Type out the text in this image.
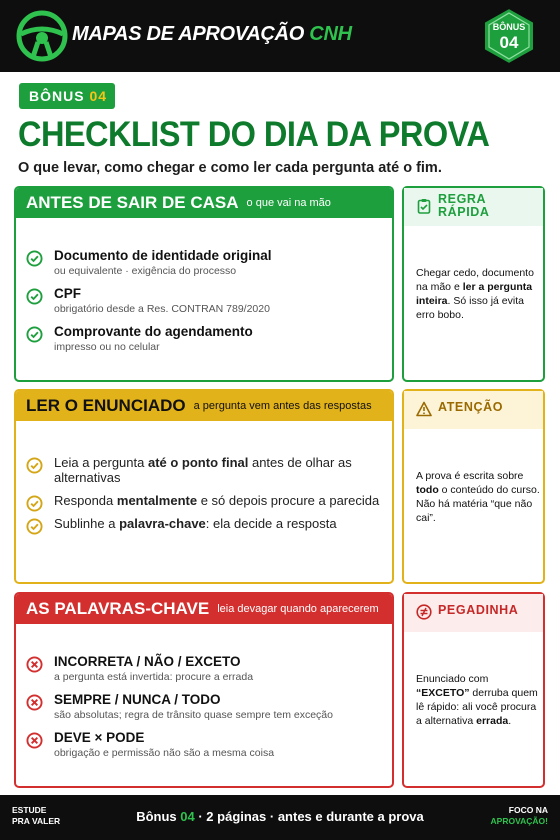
MAPAS DE APROVAÇÃO CNH	BÔNUS
04
BÔNUS 04
CHECKLIST DO DIA DA PROVA
O que levar, como chegar e como ler cada pergunta até o fim.
ANTES DE SAIR DE CASA o que vai na mão
Documento de identidade original
ou equivalente · exigência do processo
CPF
obrigatório desde a Res. CONTRAN 789/2020
Comprovante do agendamento
impresso ou no celular
LER O ENUNCIADO a pergunta vem antes das respostas
Leia a pergunta até o ponto final antes de olhar as alternativas
Responda mentalmente e só depois procure a parecida
Sublinhe a palavra-chave: ela decide a resposta
AS PALAVRAS-CHAVE leia devagar quando aparecerem
INCORRETA / NÃO / EXCETO
a pergunta está invertida: procure a errada
SEMPRE / NUNCA / TODO
são absolutas; regra de trânsito quase sempre tem exceção
DEVE × PODE
obrigação e permissão não são a mesma coisa
REGRA
RÁPIDA
Chegar cedo, documento na mão e ler a pergunta inteira. Só isso já evita erro bobo.
ATENÇÃO
A prova é escrita sobre todo o conteúdo do curso. Não há matéria “que não cai”.
PEGADINHA
Enunciado com “EXCETO” derruba quem lê rápido: ali você procura a alternativa errada.
ESTUDE
PRA VALER	Bônus 04 · 2 páginas · antes e durante a prova	FOCO NA
APROVAÇÃO!
